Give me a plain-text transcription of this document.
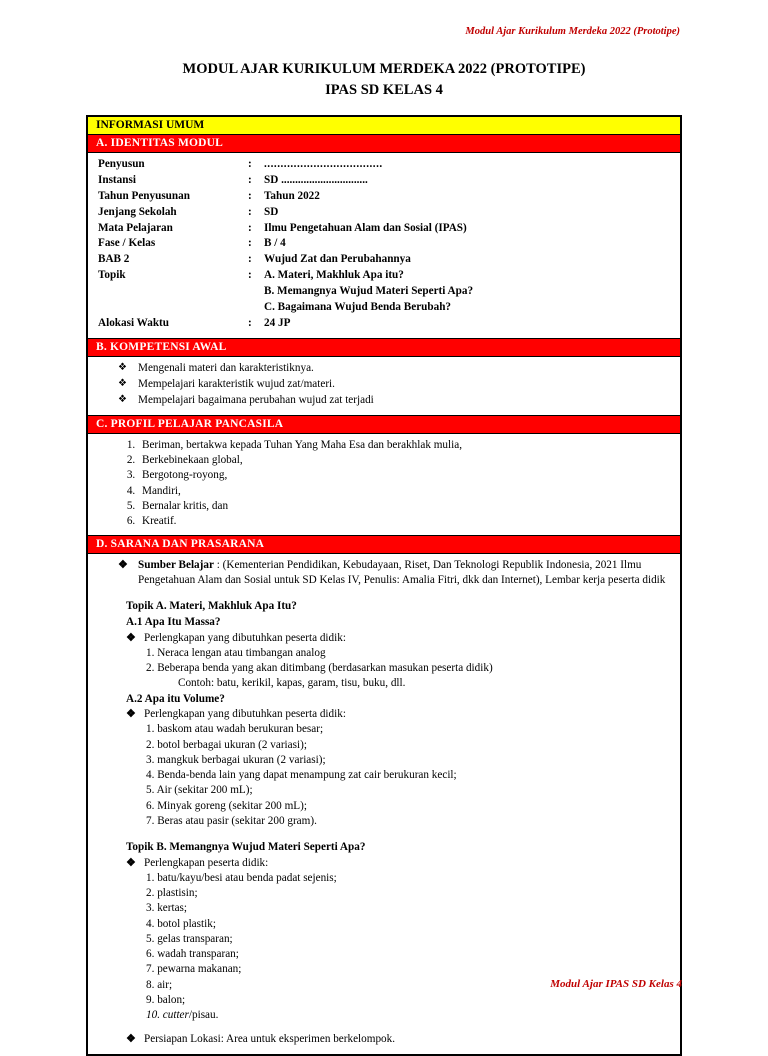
Modul Ajar Kurikulum Merdeka 2022 (Prototipe)
MODUL AJAR KURIKULUM MERDEKA 2022 (PROTOTIPE)
IPAS SD KELAS 4
INFORMASI UMUM

A. IDENTITAS MODUL

Penyusun	:	....................................
Instansi	:	SD ...............................
Tahun Penyusunan	:	Tahun 2022
Jenjang Sekolah	:	SD
Mata Pelajaran	:	Ilmu Pengetahuan Alam dan Sosial (IPAS)
Fase / Kelas	:	B / 4
BAB 2	:	Wujud Zat dan Perubahannya
Topik	:	A. Materi, Makhluk Apa itu?
		B. Memangnya Wujud Materi Seperti Apa?
		C. Bagaimana Wujud Benda Berubah?
Alokasi Waktu	:	24 JP

B. KOMPETENSI AWAL

❖ Mengenali materi dan karakteristiknya.
❖ Mempelajari karakteristik wujud zat/materi.
❖ Mempelajari bagaimana perubahan wujud zat terjadi

C. PROFIL PELAJAR PANCASILA

1. Beriman, bertakwa kepada Tuhan Yang Maha Esa dan berakhlak mulia,
2. Berkebinekaan global,
3. Bergotong-royong,
4. Mandiri,
5. Bernalar kritis, dan
6. Kreatif.

D. SARANA DAN PRASARANA

❖ Sumber Belajar : (Kementerian Pendidikan, Kebudayaan, Riset, Dan Teknologi Republik Indonesia, 2021 Ilmu Pengetahuan Alam dan Sosial untuk SD Kelas IV, Penulis: Amalia Fitri, dkk dan Internet), Lembar kerja peserta didik
Topik A. Materi, Makhluk Apa Itu?
A.1 Apa Itu Massa?
❖ Perlengkapan yang dibutuhkan peserta didik:
1. Neraca lengan atau timbangan analog
2. Beberapa benda yang akan ditimbang (berdasarkan masukan peserta didik)
Contoh: batu, kerikil, kapas, garam, tisu, buku, dll.
A.2 Apa itu Volume?
❖ Perlengkapan yang dibutuhkan peserta didik:
1. baskom atau wadah berukuran besar;
2. botol berbagai ukuran (2 variasi);
3. mangkuk berbagai ukuran (2 variasi);
4. Benda-benda lain yang dapat menampung zat cair berukuran kecil;
5. Air (sekitar 200 mL);
6. Minyak goreng (sekitar 200 mL);
7. Beras atau pasir (sekitar 200 gram).
Topik B. Memangnya Wujud Materi Seperti Apa?
❖ Perlengkapan peserta didik:
1. batu/kayu/besi atau benda padat sejenis;
2. plastisin;
3. kertas;
4. botol plastik;
5. gelas transparan;
6. wadah transparan;
7. pewarna makanan;
8. air;
9. balon;
10. cutter/pisau.
❖ Persiapan Lokasi: Area untuk eksperimen berkelompok.
Modul Ajar IPAS SD Kelas 4
